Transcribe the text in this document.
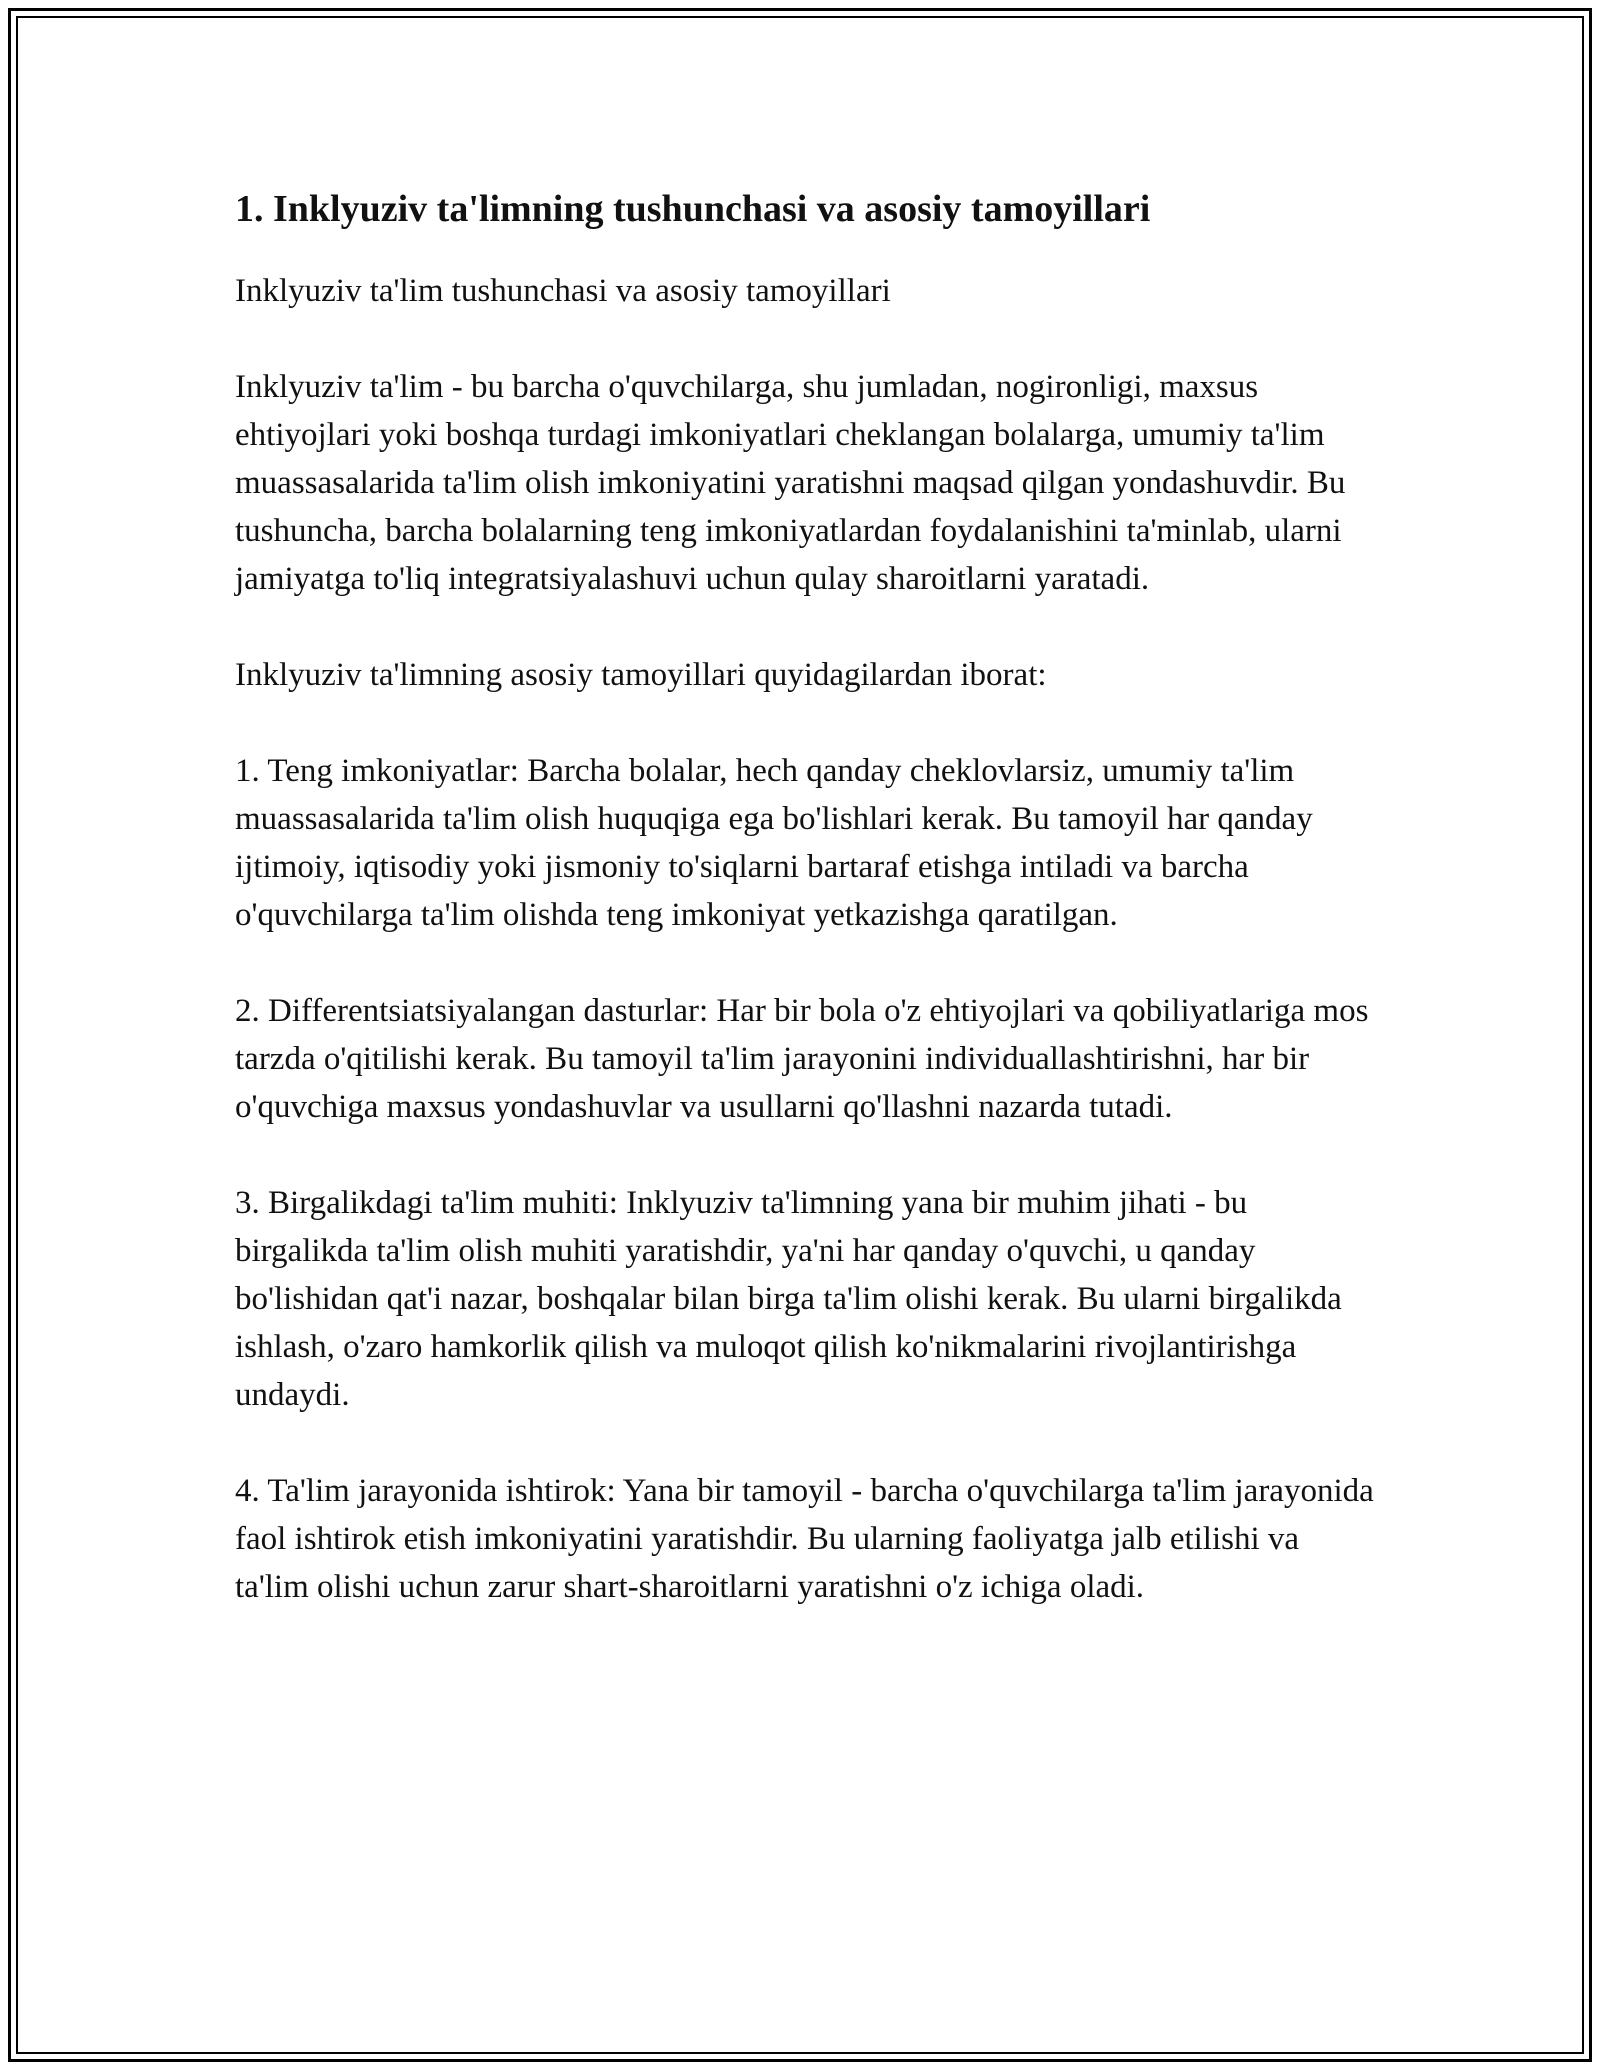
1. Inklyuziv ta'limning tushunchasi va asosiy tamoyillari

Inklyuziv ta'lim tushunchasi va asosiy tamoyillari

Inklyuziv ta'lim - bu barcha o'quvchilarga, shu jumladan, nogironligi, maxsus ehtiyojlari yoki boshqa turdagi imkoniyatlari cheklangan bolalarga, umumiy ta'lim muassasalarida ta'lim olish imkoniyatini yaratishni maqsad qilgan yondashuvdir. Bu tushuncha, barcha bolalarning teng imkoniyatlardan foydalanishini ta'minlab, ularni jamiyatga to'liq integratsiyalashuvi uchun qulay sharoitlarni yaratadi.

Inklyuziv ta'limning asosiy tamoyillari quyidagilardan iborat:

1. Teng imkoniyatlar: Barcha bolalar, hech qanday cheklovlarsiz, umumiy ta'lim muassasalarida ta'lim olish huquqiga ega bo'lishlari kerak. Bu tamoyil har qanday ijtimoiy, iqtisodiy yoki jismoniy to'siqlarni bartaraf etishga intiladi va barcha o'quvchilarga ta'lim olishda teng imkoniyat yetkazishga qaratilgan.

2. Differentsiatsiyalangan dasturlar: Har bir bola o'z ehtiyojlari va qobiliyatlariga mos tarzda o'qitilishi kerak. Bu tamoyil ta'lim jarayonini individuallashtirishni, har bir o'quvchiga maxsus yondashuvlar va usullarni qo'llashni nazarda tutadi.

3. Birgalikdagi ta'lim muhiti: Inklyuziv ta'limning yana bir muhim jihati - bu birgalikda ta'lim olish muhiti yaratishdir, ya'ni har qanday o'quvchi, u qanday bo'lishidan qat'i nazar, boshqalar bilan birga ta'lim olishi kerak. Bu ularni birgalikda ishlash, o'zaro hamkorlik qilish va muloqot qilish ko'nikmalarini rivojlantirishga undaydi.

4. Ta'lim jarayonida ishtirok: Yana bir tamoyil - barcha o'quvchilarga ta'lim jarayonida faol ishtirok etish imkoniyatini yaratishdir. Bu ularning faoliyatga jalb etilishi va ta'lim olishi uchun zarur shart-sharoitlarni yaratishni o'z ichiga oladi.
